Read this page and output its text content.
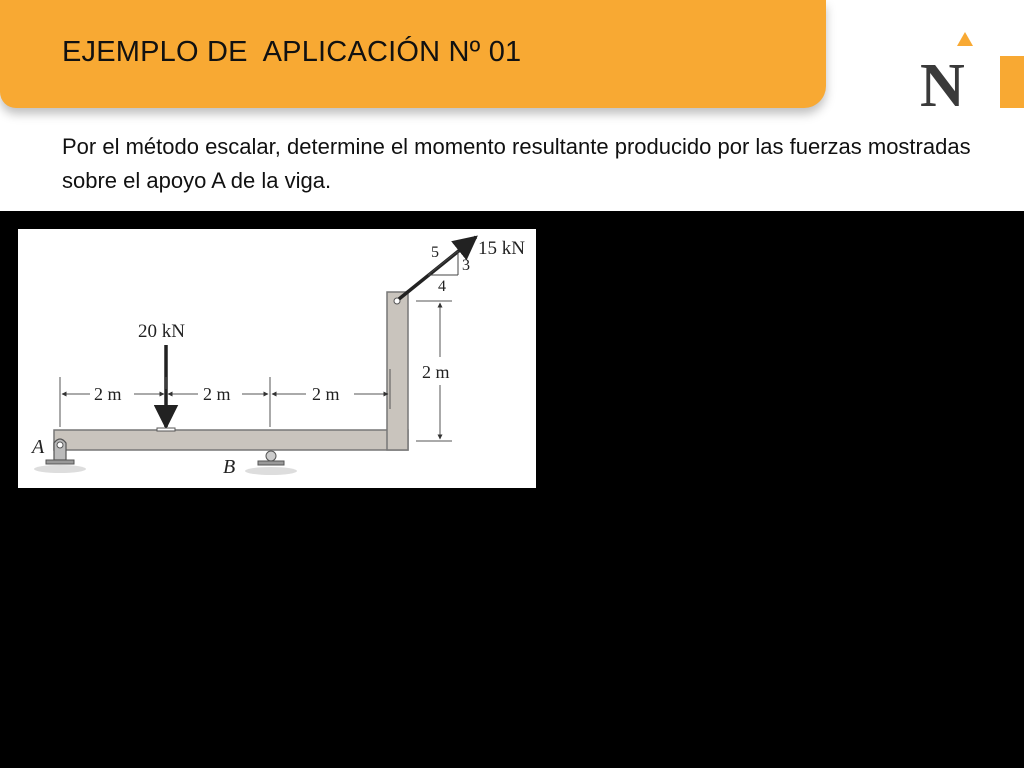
EJEMPLO DE  APLICACIÓN Nº 01	N
Por el método escalar, determine el momento resultante producido por las fuerzas mostradas sobre el apoyo A de la viga.
A
B
20 kN
2 m	2 m	2 m
2 m
15 kN
5
3
4
